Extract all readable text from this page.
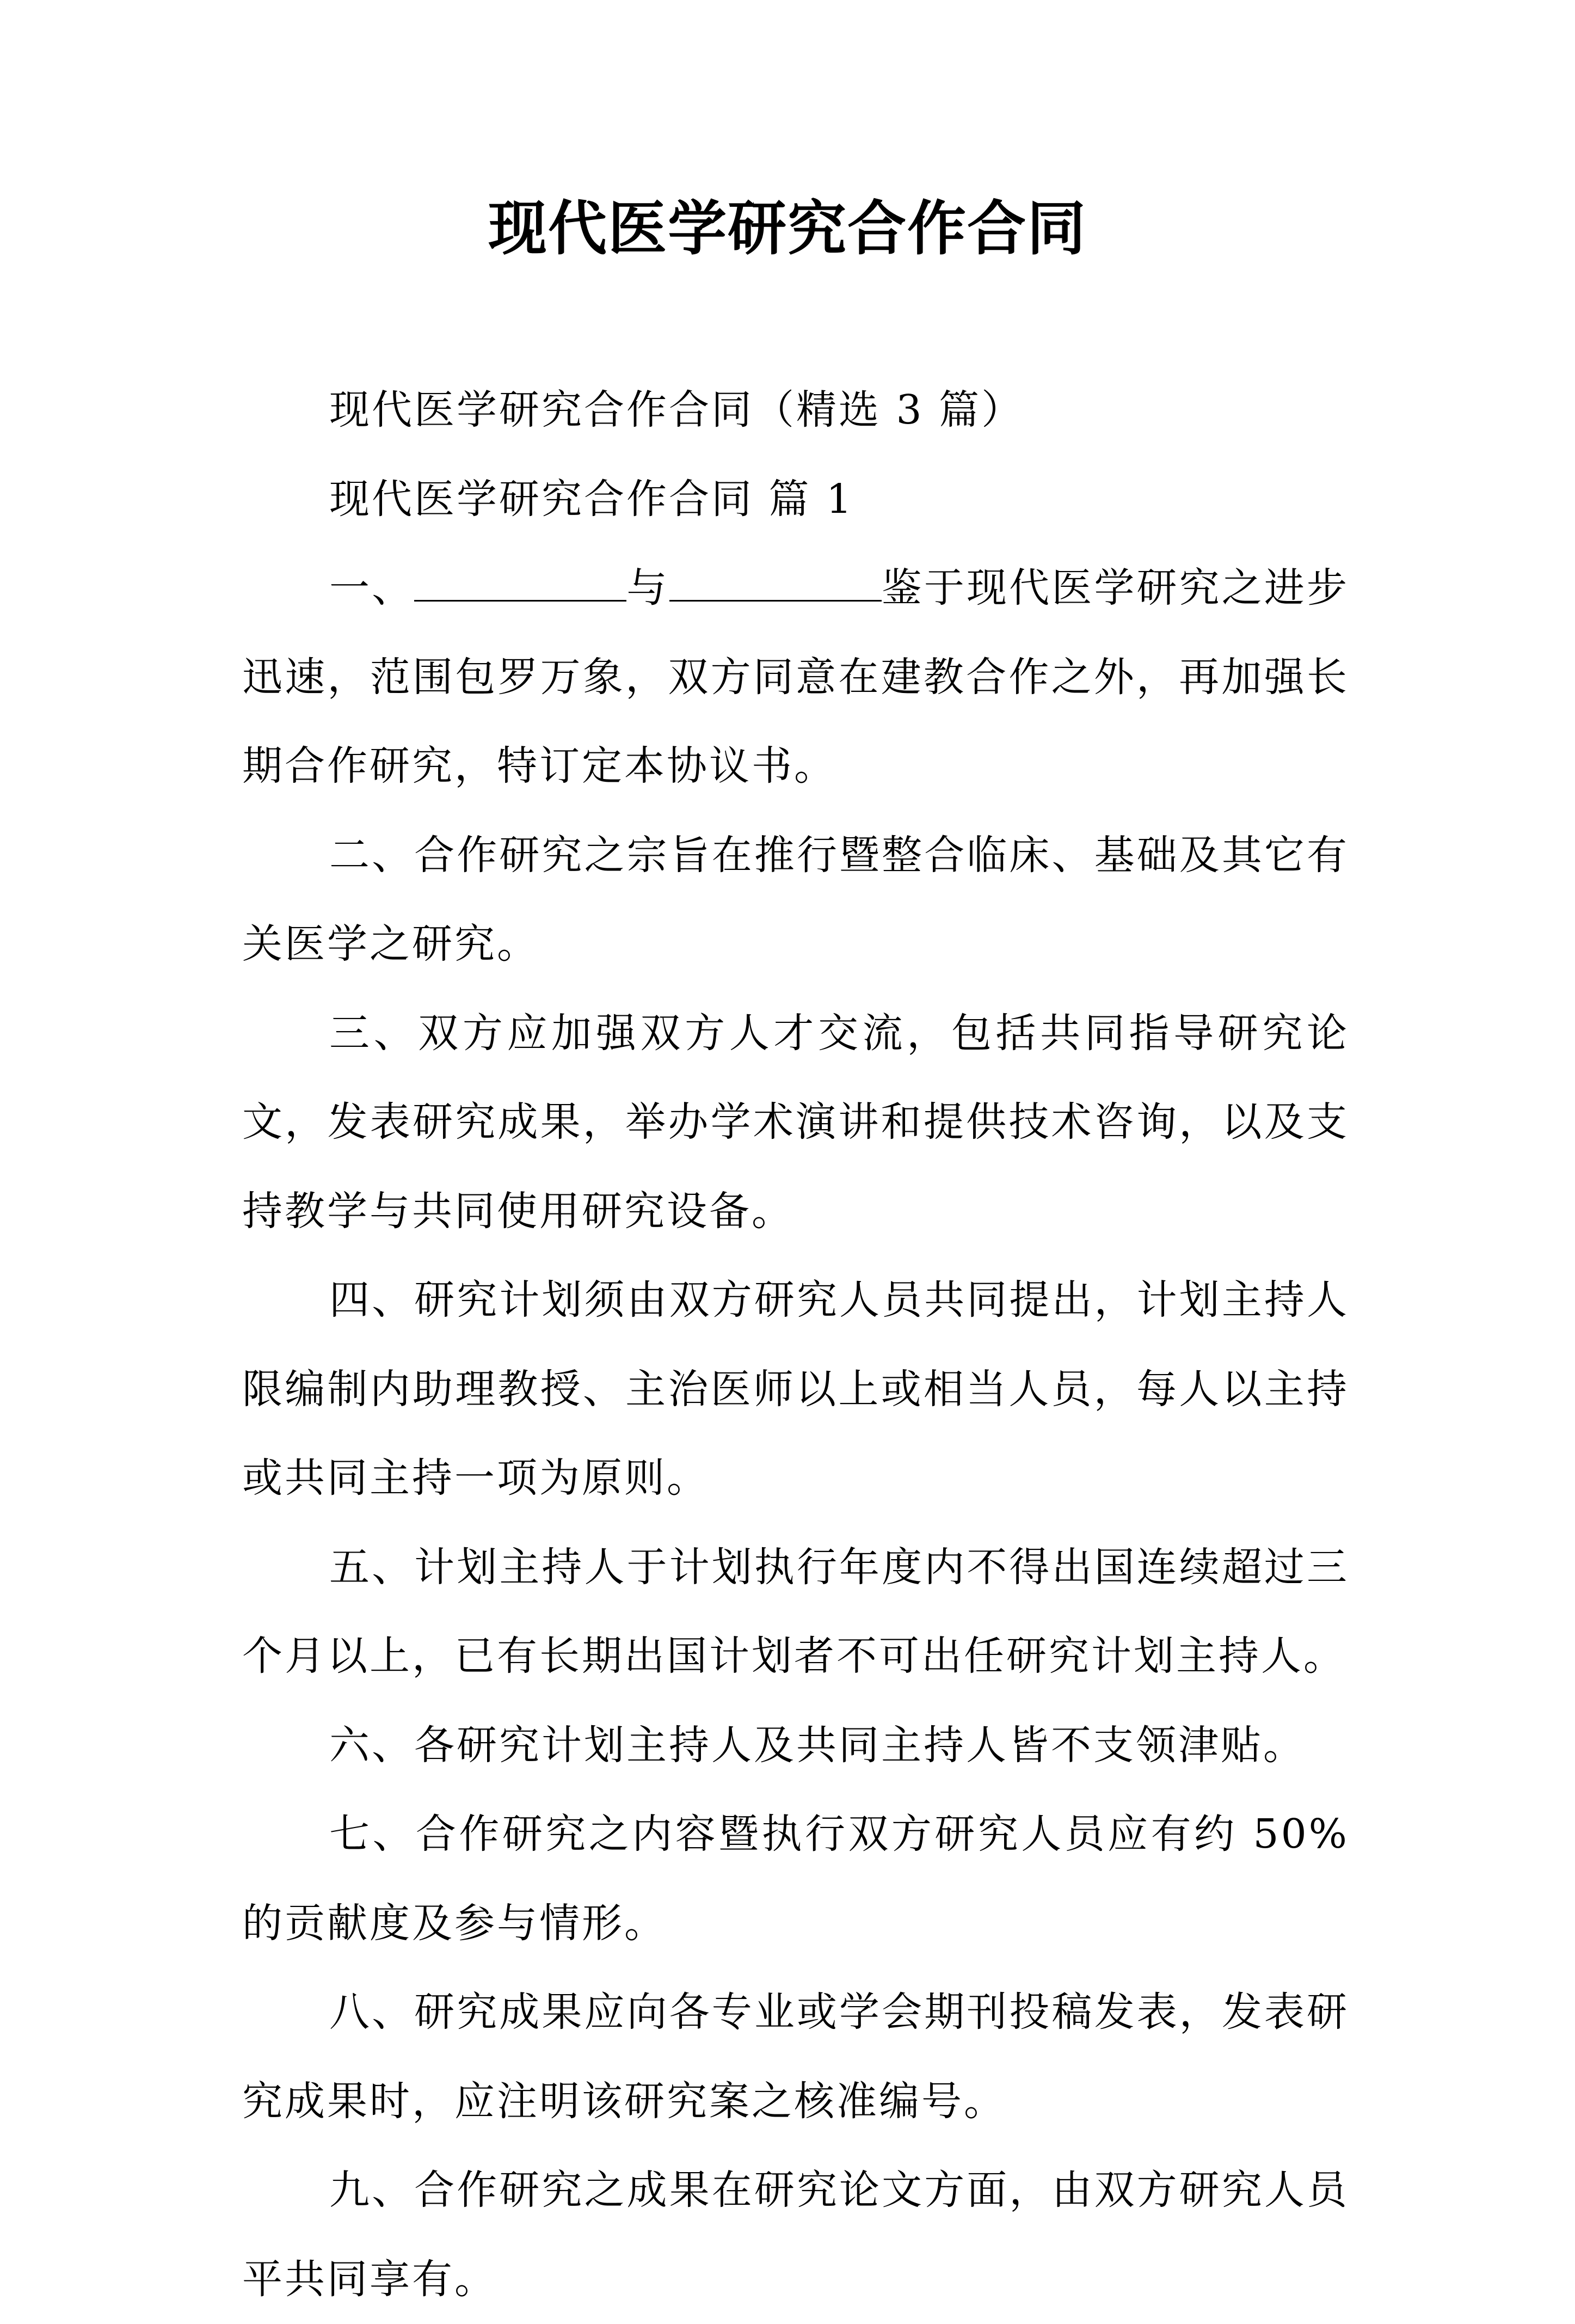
现代医学研究合作合同

现代医学研究合作合同（精选 3 篇）

现代医学研究合作合同 篇 1

一、	与	鉴于现代医学研究之进步迅速，范围包罗万象，双方同意在建教合作之外，再加强长期合作研究，特订定本协议书。

二、合作研究之宗旨在推行暨整合临床、基础及其它有关医学之研究。

三、双方应加强双方人才交流，包括共同指导研究论文，发表研究成果，举办学术演讲和提供技术咨询，以及支持教学与共同使用研究设备。

四、研究计划须由双方研究人员共同提出，计划主持人限编制内助理教授、主治医师以上或相当人员，每人以主持或共同主持一项为原则。

五、计划主持人于计划执行年度内不得出国连续超过三个月以上，已有长期出国计划者不可出任研究计划主持人。

六、各研究计划主持人及共同主持人皆不支领津贴。

七、合作研究之内容暨执行双方研究人员应有约 50%的贡献度及参与情形。

八、研究成果应向各专业或学会期刊投稿发表，发表研究成果时，应注明该研究案之核准编号。

九、合作研究之成果在研究论文方面，由双方研究人员平共同享有。
